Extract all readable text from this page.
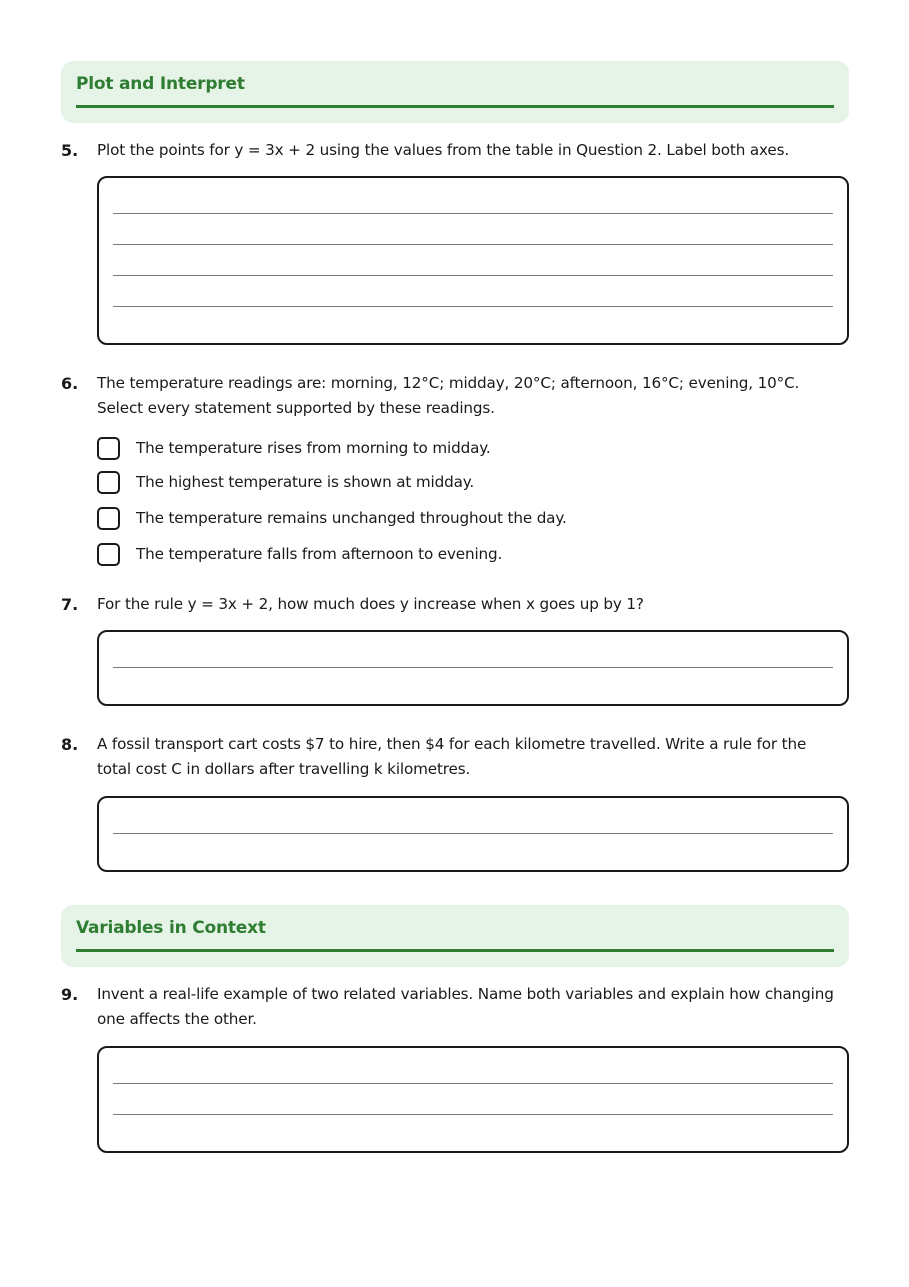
Plot and Interpret
5. Plot the points for y = 3x + 2 using the values from the table in Question 2. Label both axes.
6. The temperature readings are: morning, 12°C; midday, 20°C; afternoon, 16°C; evening, 10°C. Select every statement supported by these readings.
The temperature rises from morning to midday.
The highest temperature is shown at midday.
The temperature remains unchanged throughout the day.
The temperature falls from afternoon to evening.
7. For the rule y = 3x + 2, how much does y increase when x goes up by 1?
8. A fossil transport cart costs $7 to hire, then $4 for each kilometre travelled. Write a rule for the total cost C in dollars after travelling k kilometres.
Variables in Context
9. Invent a real-life example of two related variables. Name both variables and explain how changing one affects the other.
